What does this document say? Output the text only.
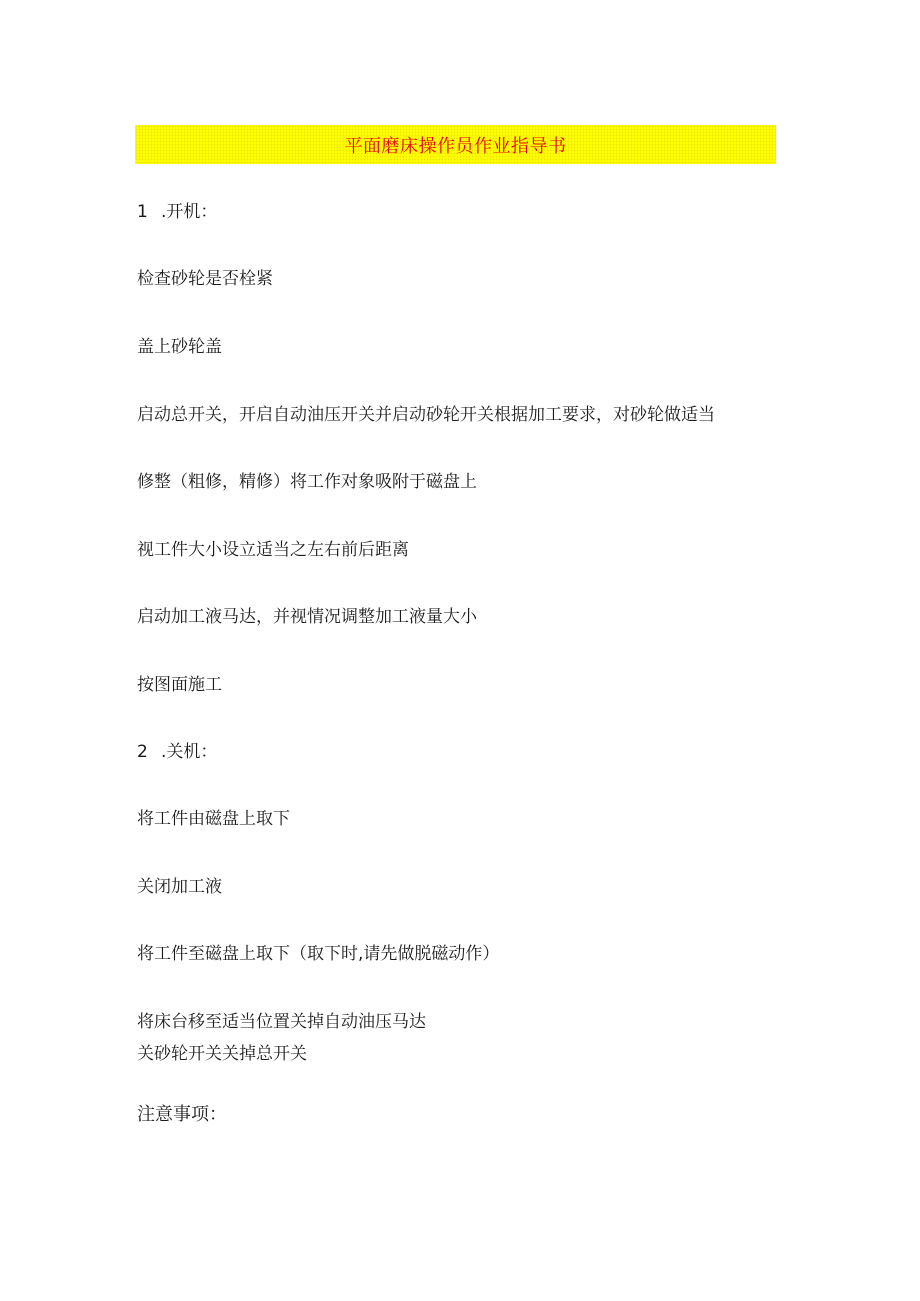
平面磨床操作员作业指导书
1 .开机：
检查砂轮是否栓紧
盖上砂轮盖
启动总开关，开启自动油压开关并启动砂轮开关根据加工要求，对砂轮做适当
修整（粗修，精修）将工作对象吸附于磁盘上
视工件大小设立适当之左右前后距离
启动加工液马达，并视情况调整加工液量大小
按图面施工
2 .关机：
将工件由磁盘上取下
关闭加工液
将工件至磁盘上取下（取下时,请先做脱磁动作）
将床台移至适当位置关掉自动油压马达
关砂轮开关关掉总开关
注意事项：
